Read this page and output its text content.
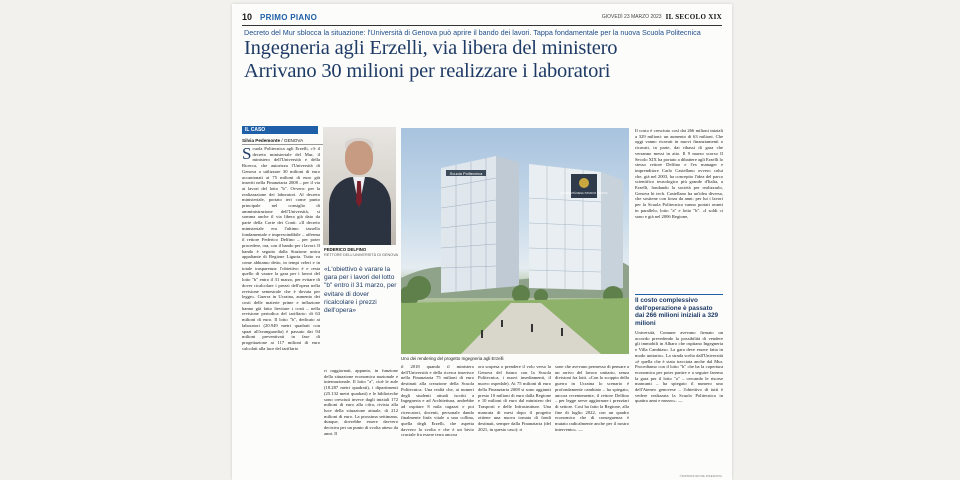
10 PRIMO PIANO	GIOVEDÌ 23 MARZO 2023 IL SECOLO XIX
Decreto del Mur sblocca la situazione: l'Università di Genova può aprire il bando dei lavori. Tappa fondamentale per la nuova Scuola Politecnica
Ingegneria agli Erzelli, via libera del ministero
Arrivano 30 milioni per realizzare i laboratori
IL CASO
Silvia Pedemonte / GENOVA
S cuola Politecnica agli Erzelli, c'è il decreto ministeriale del Mur, il ministero dell'Università e della Ricerca, che autorizza l'Università di Genova a utilizzare 30 milioni di euro accantonati ai 75 milioni di euro già inseriti nella Finanziaria 2008 – per il via ai lavori del lotto "b". Ovvero: per la realizzazione dei laboratori. Al decreto ministeriale, portato ieri come punto principale nel consiglio di amministrazione dell'Università, si somma anche il via libera già dato da parte della Corte dei Conti. «Il decreto ministeriale era l'ultimo tassello fondamentale e imprescindibile – afferma il rettore Federico Delfino – per poter procedere, ora, con il bando per i lavori. Il bando è seguito dalla Stazione unica appaltante di Regione Liguria. Tutto va come abbiamo detto, in tempi celeri e in totale trasparenza: l'obiettivo è e resta quello di varare la gara per i lavori del lotto "b" entro il 31 marzo, per evitare di dover ricalcolare i prezzi dell'opera nella revisione semestrale che è dovuta per legge». Guerra in Ucraina, aumento dei costi delle materie prime e inflazione hanno già fatto lievitare i costi – nella revisione periodica del tariffario: di 63 milioni di euro. Il lotto "b", dedicato ai laboratori (20.949 metri quadrati con spazi all'avanguardia) è passato dai 94 milioni preventivati in fase di progettazione ai 117 milioni di euro calcolati alla luce del tariffario
FEDERICO DELFINO
RETTORE DELL'UNIVERSITÀ DI GENOVA
«L'obiettivo è varare la gara per i lavori del lotto "b" entro il 31 marzo, per evitare di dover ricalcolare i prezzi dell'opera»
ri raggiornati, appunto, in funzione della situazione economica nazionale e internazionale. Il lotto "a", cioè le aule (18.287 metri quadrati), i dipartimenti (25.132 metri quadrati) e le biblioteche sono cresciuti invece dagli iniziali 172 milioni di euro alla cifra, rivista alla luce della situazione attuale, di 212 milioni di euro. La prossima settimana, dunque, dovrebbe essere davvero decisiva per un punto di svolta atteso da anni. Il
Scuola Politecnica
UNIVERSITÀ DEGLI STUDI DI GENOVA
Uno dei rendering del progetto Ingegneria agli Erzelli
il 2018 quando il ministero dell'Università e della ricerca inserisce nella Finanziaria 75 milioni di euro destinati alla creazione della Scuola Politecnica. Una realtà che, ai numeri degli studenti attuali iscritti a Ingegneria e ad Architettura, andrebbe ad ospitare 8 mila ragazzi e poi ricercatori, docenti, personale dando finalmente linfa vitale a una collina, quella degli Erzelli, che aspetta davvero la svolta e che è un bivio cruciale fra essere terra ancora
ora sospesa o prendere il volo verso la Genova del futuro con la Scuola Politecnica, i nuovi insediamenti, il nuovo ospedale). Ai 75 milioni di euro della Finanziaria 2008 si sono aggiunti presto 10 milioni di euro dalla Regione e 10 milioni di euro dal ministero dei Trasporti e delle Infrastrutture. Una mancata di mesi dopo il progetto ottiene una nuova tornata di fondi destinati, sempre dalla Finanziaria (del 2021, in questo caso): ri
sone che avevano permesso di pensare a un arrivo del lavoro unitario, senza divisioni fra lotti. «Con lo scoppio della guerra in Ucraina lo scenario è profondamente cambiato – ha spiegato, ancora recentemente, il rettore Delfino – per legge serve aggiornare i prezziari di settore. Così ha fatto la Regione, alla fine di luglio 2022, con un quadro economico che di conseguenza è mutato radicalmente anche per il nostro intervento». —
Il costo è cresciuto così dai 266 milioni iniziali a 329 milioni: un aumento di 63 milioni. Che oggi vanno ricavati in nuovi finanziamenti o ricavati, in parte, dai ribassi di gara che verranno messi in atto. Il 9 marzo scorso Il Secolo XIX ha portato a dibattere agli Erzelli lo stesso rettore Delfino e l'ex manager e imprenditore Carlo Castellano ovvero colui che, già nel 2003, ha concepito l'idea del parco scientifico tecnologico più grande d'Italia, a Erzelli, fondando la società per realizzarlo, Genova hi tech. Castellano ha un'idea diversa, che sostiene con forza da anni: per lui i lavori per la Scuola Politecnica vanno portati avanti in parallelo, lotto "a" e lotto "b". «I soldi ci sono e già nel 2006 Regione,
Il costo complessivo dell'operazione è passato dai 266 milioni iniziali a 329 milioni
Università, Comune avevano firmato un accordo prevedendo la possibilità di vendere gli immobili in Albaro che ospitano Ingegneria e Villa Cambiaso. La gara deve essere fatta in modo unitario». La strada scelta dall'Università «è quella che è stata tracciata anche dal Mur. Procediamo con il lotto "b" che ha la copertura economica per poter partire e a seguire faremo la gara per il lotto "a" – cercando le risorse mancanti – ha spiegato il numero uno dell'Ateneo genovese – l'obiettivo di tutti è vedere realizzata la Scuola Politecnica in quattro anni e mezzo». —
©RIPRODUZIONE RISERVATA
